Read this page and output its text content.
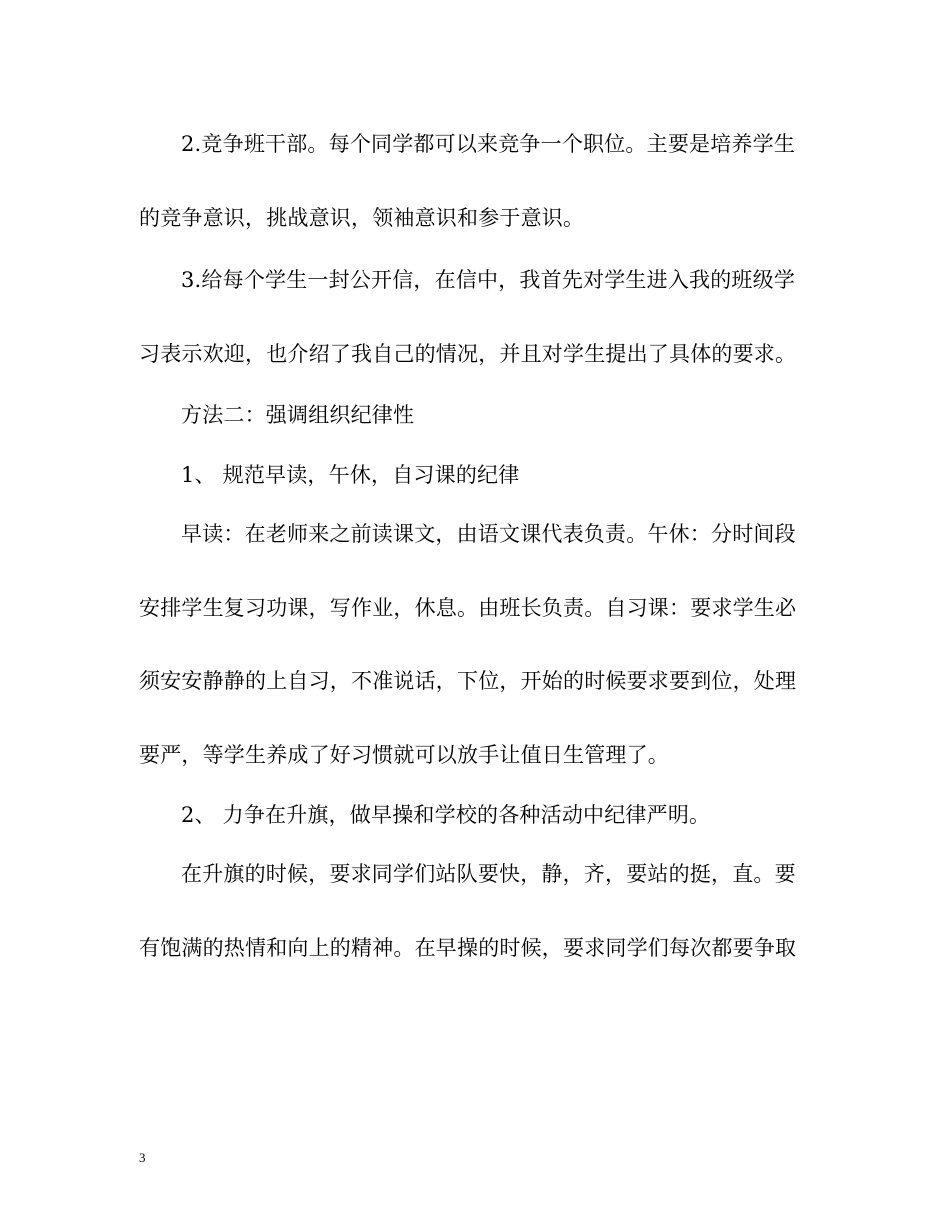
2.竞争班干部。每个同学都可以来竞争一个职位。主要是培养学生
的竞争意识，挑战意识，领袖意识和参于意识。
3.给每个学生一封公开信，在信中，我首先对学生进入我的班级学
习表示欢迎，也介绍了我自己的情况，并且对学生提出了具体的要求。
方法二：强调组织纪律性
1、 规范早读，午休，自习课的纪律
早读：在老师来之前读课文，由语文课代表负责。午休：分时间段
安排学生复习功课，写作业，休息。由班长负责。自习课：要求学生必
须安安静静的上自习，不准说话，下位，开始的时候要求要到位，处理
要严，等学生养成了好习惯就可以放手让值日生管理了。
2、 力争在升旗，做早操和学校的各种活动中纪律严明。
在升旗的时候，要求同学们站队要快，静，齐，要站的挺，直。要
有饱满的热情和向上的精神。在早操的时候，要求同学们每次都要争取
3
